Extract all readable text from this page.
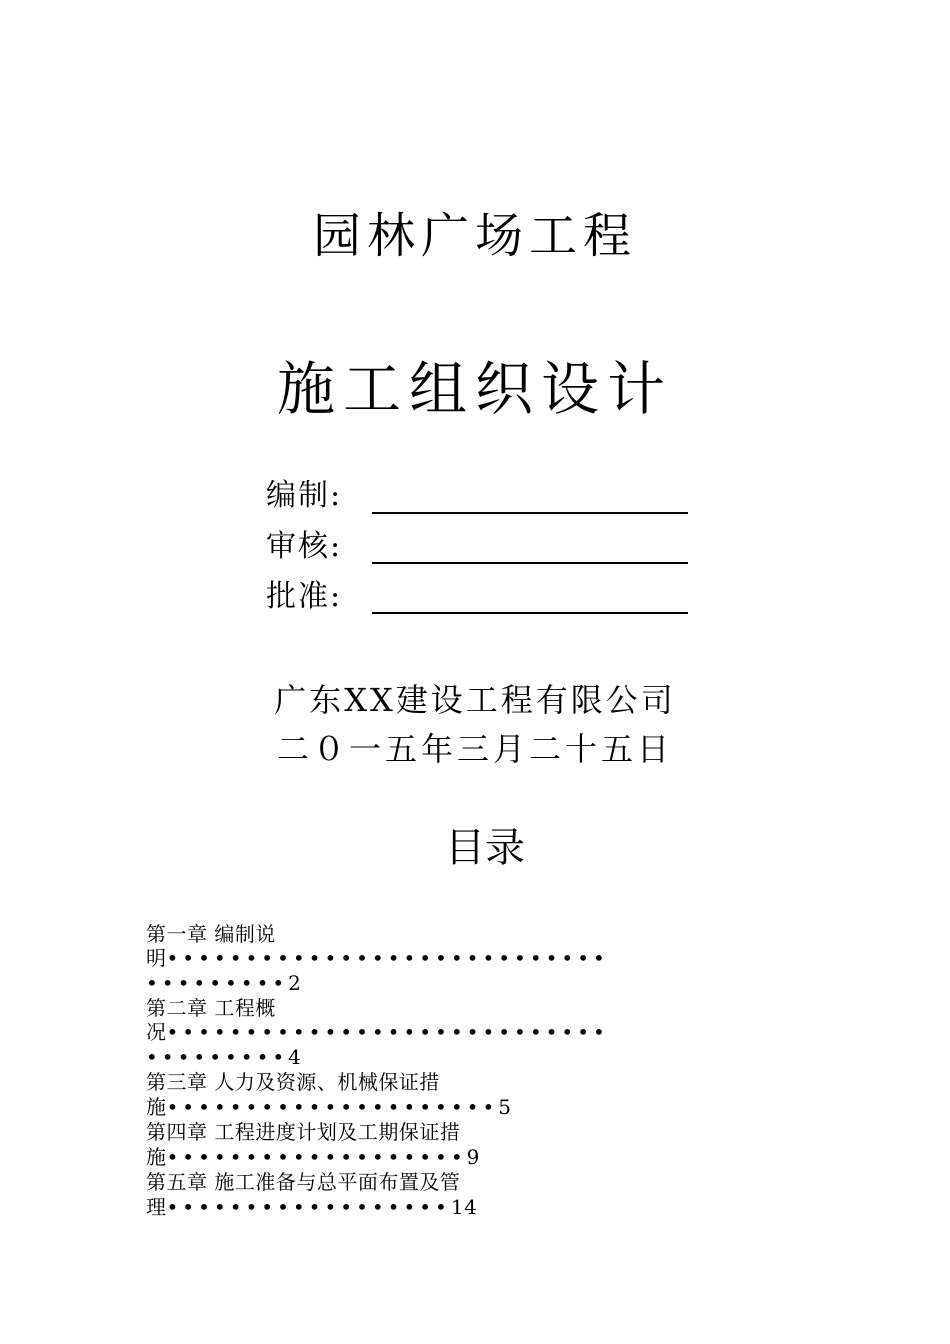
园林广场工程
施工组织设计
编制:
审核:
批准:
广东XX建设工程有限公司
二０一五年三月二十五日
目录
第一章 编制说
明••••••••••••••••••••••••••••
•••••••••2
第二章 工程概
况••••••••••••••••••••••••••••
•••••••••4
第三章 人力及资源、机械保证措
施•••••••••••••••••••••5
第四章 工程进度计划及工期保证措
施•••••••••••••••••••9
第五章 施工准备与总平面布置及管
理••••••••••••••••••14
